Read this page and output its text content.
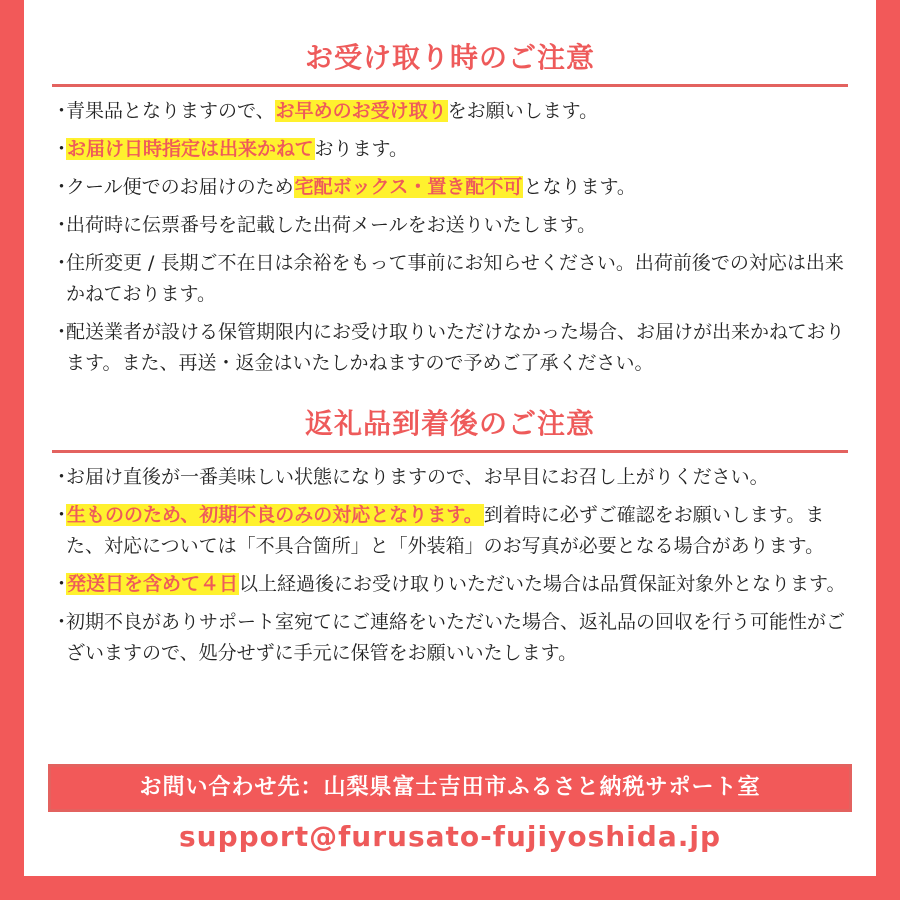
お受け取り時のご注意
・
青果品となりますので、お早めのお受け取りをお願いします。
・
お届け日時指定は出来かねております。
・
クール便でのお届けのため宅配ボックス・置き配不可となります。
・
出荷時に伝票番号を記載した出荷メールをお送りいたします。
・
住所変更 / 長期ご不在日は余裕をもって事前にお知らせください。出荷前後での対応は出来かねております。
・
配送業者が設ける保管期限内にお受け取りいただけなかった場合、お届けが出来かねております。また、再送・返金はいたしかねますので予めご了承ください。
返礼品到着後のご注意
・
お届け直後が一番美味しい状態になりますので、お早目にお召し上がりください。
・
生もののため、初期不良のみの対応となります。到着時に必ずご確認をお願いします。また、対応については「不具合箇所」と「外装箱」のお写真が必要となる場合があります。
・
発送日を含めて４日以上経過後にお受け取りいただいた場合は品質保証対象外となります。
・
初期不良がありサポート室宛てにご連絡をいただいた場合、返礼品の回収を行う可能性がございますので、処分せずに手元に保管をお願いいたします。
お問い合わせ先：山梨県富士吉田市ふるさと納税サポート室
support@furusato-fujiyoshida.jp
